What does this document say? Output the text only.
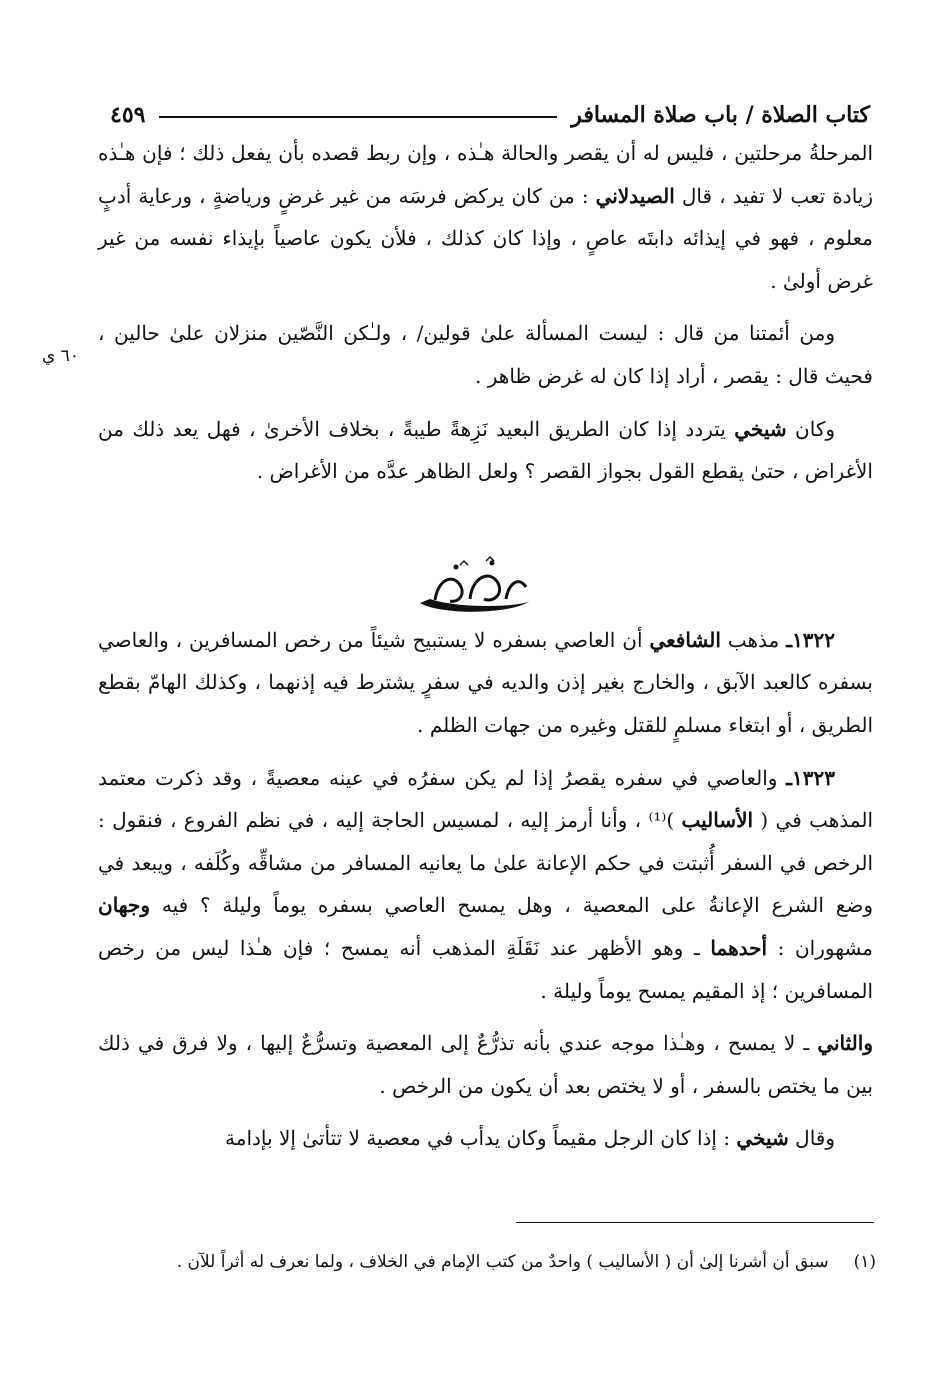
كتاب الصلاة / باب صلاة المسافر
٤٥٩
٦٠ ي

المرحلةُ مرحلتين ، فليس له أن يقصر والحالة هـٰذه ، وإن ربط قصده بأن يفعل ذلك ؛ فإن هـٰذه زيادة تعب لا تفيد ، قال الصيدلاني : من كان يركض فرسَه من غير غرضٍ ورياضةٍ ، ورعاية أدبٍ معلوم ، فهو في إيذائه دابتَه عاصٍ ، وإذا كان كذلك ، فلأن يكون عاصياً بإيذاء نفسه من غير غرض أولىٰ .

ومن أئمتنا من قال : ليست المسألة علىٰ قولين/ ، ولـٰكن النَّصّين منزلان علىٰ حالين ، فحيث قال : يقصر ، أراد إذا كان له غرض ظاهر .

وكان شيخي يتردد إذا كان الطريق البعيد نَزِهةً طيبةً ، بخلاف الأخرىٰ ، فهل يعد ذلك من الأغراض ، حتىٰ يقطع القول بجواز القصر ؟ ولعل الظاهر عدَّه من الأغراض .

١٣٢٢ـ مذهب الشافعي أن العاصي بسفره لا يستبيح شيئاً من رخص المسافرين ، والعاصي بسفره كالعبد الآبق ، والخارج بغير إذن والديه في سفرٍ يشترط فيه إذنهما ، وكذلك الهامّ بقطع الطريق ، أو ابتغاء مسلمٍ للقتل وغيره من جهات الظلم .

١٣٢٣ـ والعاصي في سفره يقصرُ إذا لم يكن سفرُه في عينه معصيةً ، وقد ذكرت معتمد المذهب في ( الأساليب )⁽¹⁾ ، وأنا أرمز إليه ، لمسيس الحاجة إليه ، في نظم الفروع ، فنقول : الرخص في السفر أُثبتت في حكم الإعانة علىٰ ما يعانيه المسافر من مشاقِّه وكُلَفه ، ويبعد في وضع الشرع الإعانةُ على المعصية ، وهل يمسح العاصي بسفره يوماً وليلة ؟ فيه وجهان مشهوران : أحدهما ـ وهو الأظهر عند نَقَلَةِ المذهب أنه يمسح ؛ فإن هـٰذا ليس من رخص المسافرين ؛ إذ المقيم يمسح يوماً وليلة .

والثاني ـ لا يمسح ، وهـٰذا موجه عندي بأنه تذرُّعٌ إلى المعصية وتسرُّعٌ إليها ، ولا فرق في ذلك بين ما يختص بالسفر ، أو لا يختص بعد أن يكون من الرخص .

وقال شيخي : إذا كان الرجل مقيماً وكان يدأب في معصية لا تتأتىٰ إلا بإدامة

فصل
(١) سبق أن أشرنا إلىٰ أن ( الأساليب ) واحدٌ من كتب الإمام في الخلاف ، ولما نعرف له أثراً للآن .
